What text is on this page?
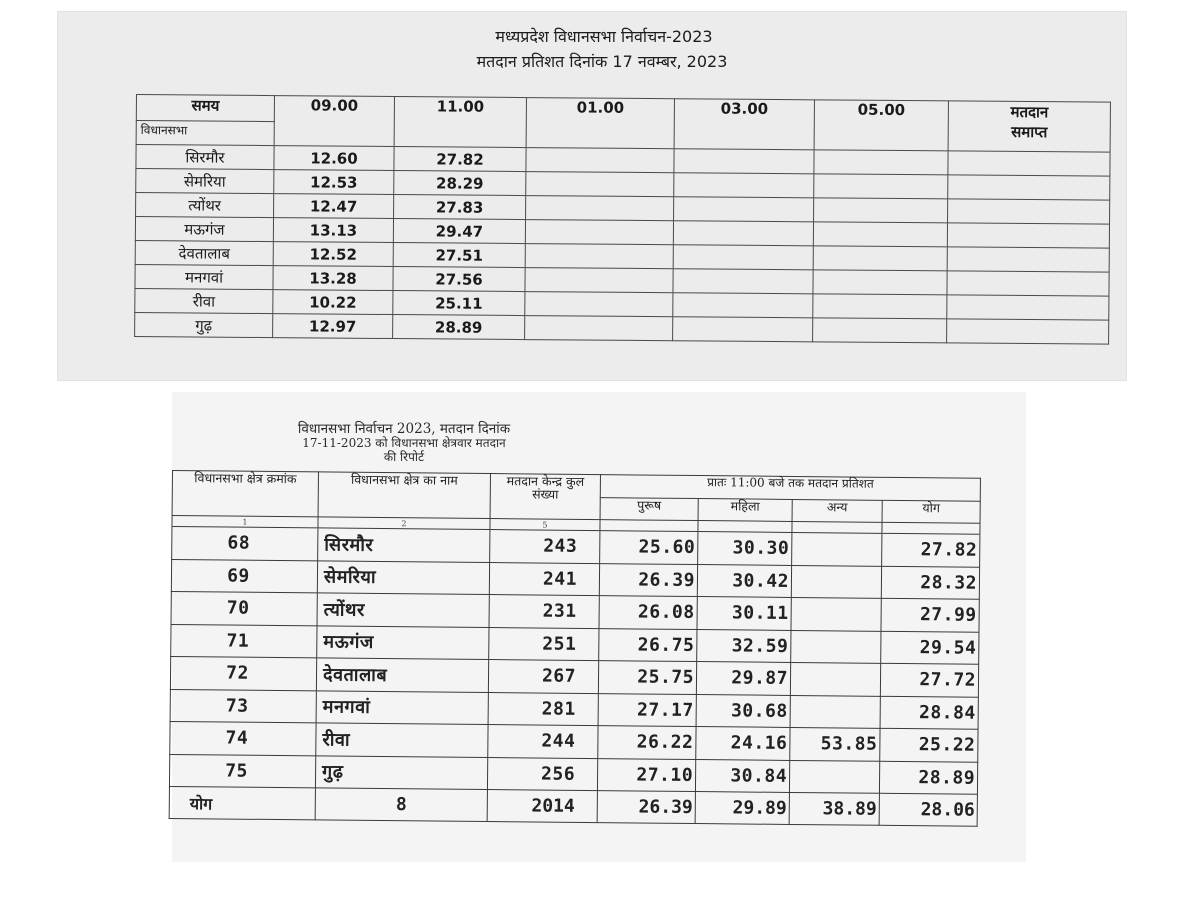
मध्यप्रदेश विधानसभा निर्वाचन-2023
मतदान प्रतिशत दिनांक 17 नवम्बर, 2023
समय	09.00	11.00	01.00	03.00	05.00	मतदान
समाप्त

विधानसभा						
सिरमौर	12.60	27.82				
सेमरिया	12.53	28.29				
त्योंथर	12.47	27.83				
मऊगंज	13.13	29.47				
देवतालाब	12.52	27.51				
मनगवां	13.28	27.56				
रीवा	10.22	25.11				
गुढ़	12.97	28.89				
विधानसभा निर्वाचन 2023, मतदान दिनांक
17-11-2023 को विधानसभा क्षेत्रवार मतदान
की रिपोर्ट
विधानसभा क्षेत्र क्रमांक	विधानसभा क्षेत्र का नाम	मतदान केन्द्र कुल संख्या	प्रातः 11:00 बजे तक मतदान प्रतिशत			
			पुरूष	महिला	अन्य	योग
1	2	5				
68	सिरमौर	243	25.60	30.30		27.82
69	सेमरिया	241	26.39	30.42		28.32
70	त्योंथर	231	26.08	30.11		27.99
71	मऊगंज	251	26.75	32.59		29.54
72	देवतालाब	267	25.75	29.87		27.72
73	मनगवां	281	27.17	30.68		28.84
74	रीवा	244	26.22	24.16	53.85	25.22
75	गुढ़	256	27.10	30.84		28.89
योग	8	2014	26.39	29.89	38.89	28.06
